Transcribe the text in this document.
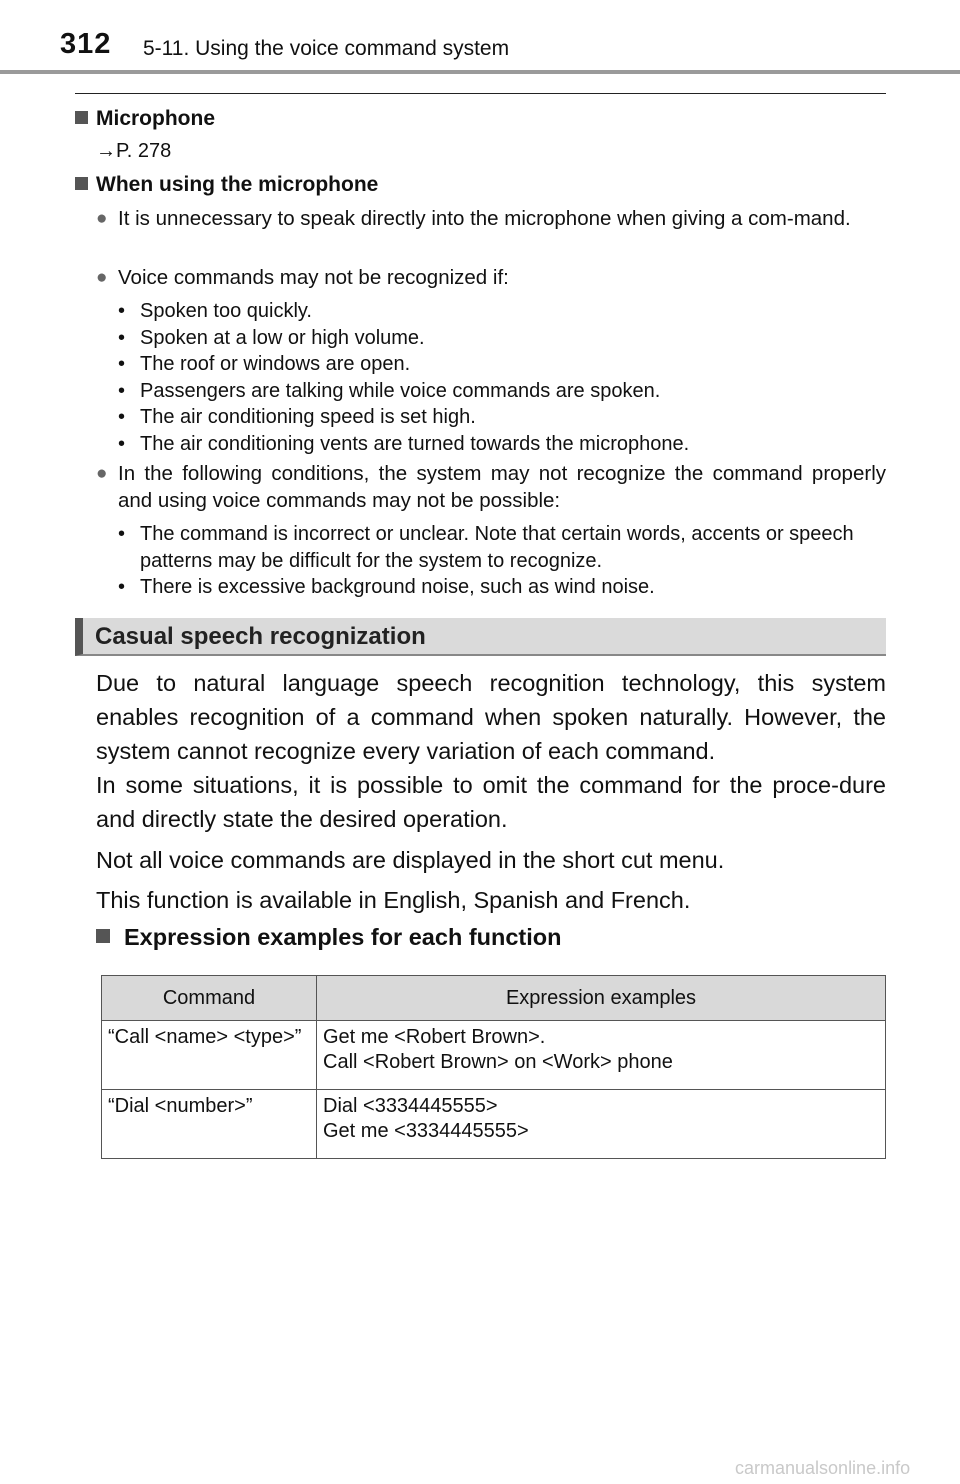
312 5-11. Using the voice command system
Microphone
→P. 278
When using the microphone
●
It is unnecessary to speak directly into the microphone when giving a com-mand.
●
Voice commands may not be recognized if:
•
Spoken too quickly.
•
Spoken at a low or high volume.
•
The roof or windows are open.
•
Passengers are talking while voice commands are spoken.
•
The air conditioning speed is set high.
•
The air conditioning vents are turned towards the microphone.
●
In the following conditions, the system may not recognize the command properly and using voice commands may not be possible:
•
The command is incorrect or unclear. Note that certain words, accents or speech patterns may be difficult for the system to recognize.
•
There is excessive background noise, such as wind noise.
Casual speech recognization
Due to natural language speech recognition technology, this system enables recognition of a command when spoken naturally. However, the system cannot recognize every variation of each command.
In some situations, it is possible to omit the command for the proce-dure and directly state the desired operation.
Not all voice commands are displayed in the short cut menu.
This function is available in English, Spanish and French.
Expression examples for each function
Command	Expression examples
“Call <name> <type>”	Get me <Robert Brown>.
Call <Robert Brown> on <Work> phone

“Dial <number>”	Dial <3334445555>
Get me <3334445555>
carmanualsonline.info
